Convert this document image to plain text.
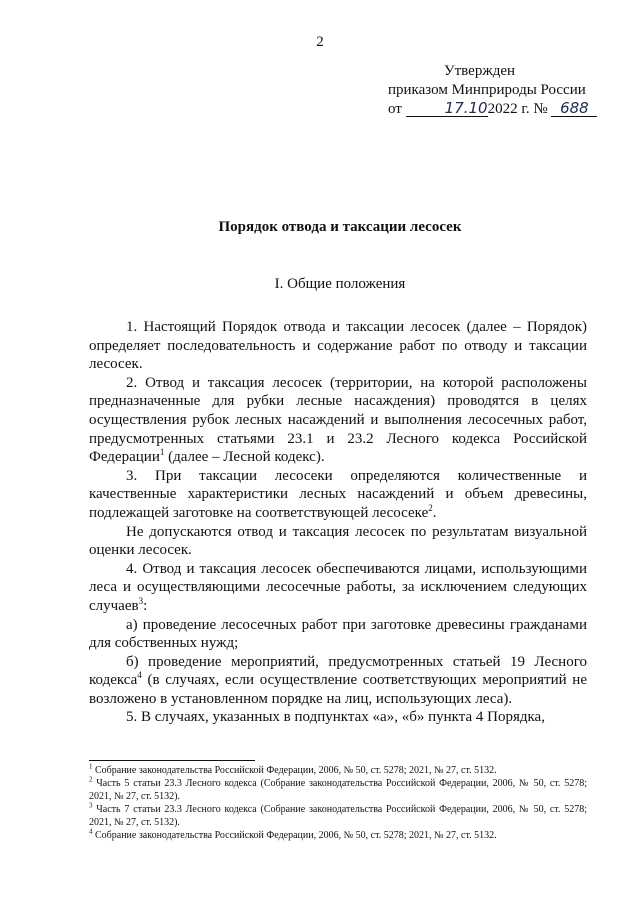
2
Утвержден
приказом Минприроды России
от	17.102022 г. № 688
Порядок отвода и таксации лесосек
I. Общие положения

1. Настоящий Порядок отвода и таксации лесосек (далее – Порядок) определяет последовательность и содержание работ по отводу и таксации лесосек.

2. Отвод и таксация лесосек (территории, на которой расположены предназначенные для рубки лесные насаждения) проводятся в целях осуществления рубок лесных насаждений и выполнения лесосечных работ, предусмотренных статьями 23.1 и 23.2 Лесного кодекса Российской Федерации$^1$ (далее – Лесной кодекс).

3. При таксации лесосеки определяются количественные и качественные характеристики лесных насаждений и объем древесины, подлежащей заготовке на соответствующей лесосеке$^2$.

Не допускаются отвод и таксация лесосек по результатам визуальной оценки лесосек.

4. Отвод и таксация лесосек обеспечиваются лицами, использующими леса и осуществляющими лесосечные работы, за исключением следующих случаев$^3$:

а) проведение лесосечных работ при заготовке древесины гражданами для собственных нужд;

б) проведение мероприятий, предусмотренных статьей 19 Лесного кодекса$^4$ (в случаях, если осуществление соответствующих мероприятий не возложено в установленном порядке на лиц, использующих леса).

5. В случаях, указанных в подпунктах «а», «б» пункта 4 Порядка,

$^1$ Собрание законодательства Российской Федерации, 2006, № 50, ст. 5278; 2021, № 27, ст. 5132.
$^2$ Часть 5 статьи 23.3 Лесного кодекса (Собрание законодательства Российской Федерации, 2006, № 50, ст. 5278; 2021, № 27, ст. 5132).
$^3$ Часть 7 статьи 23.3 Лесного кодекса (Собрание законодательства Российской Федерации, 2006, № 50, ст. 5278; 2021, № 27, ст. 5132).
$^4$ Собрание законодательства Российской Федерации, 2006, № 50, ст. 5278; 2021, № 27, ст. 5132.
